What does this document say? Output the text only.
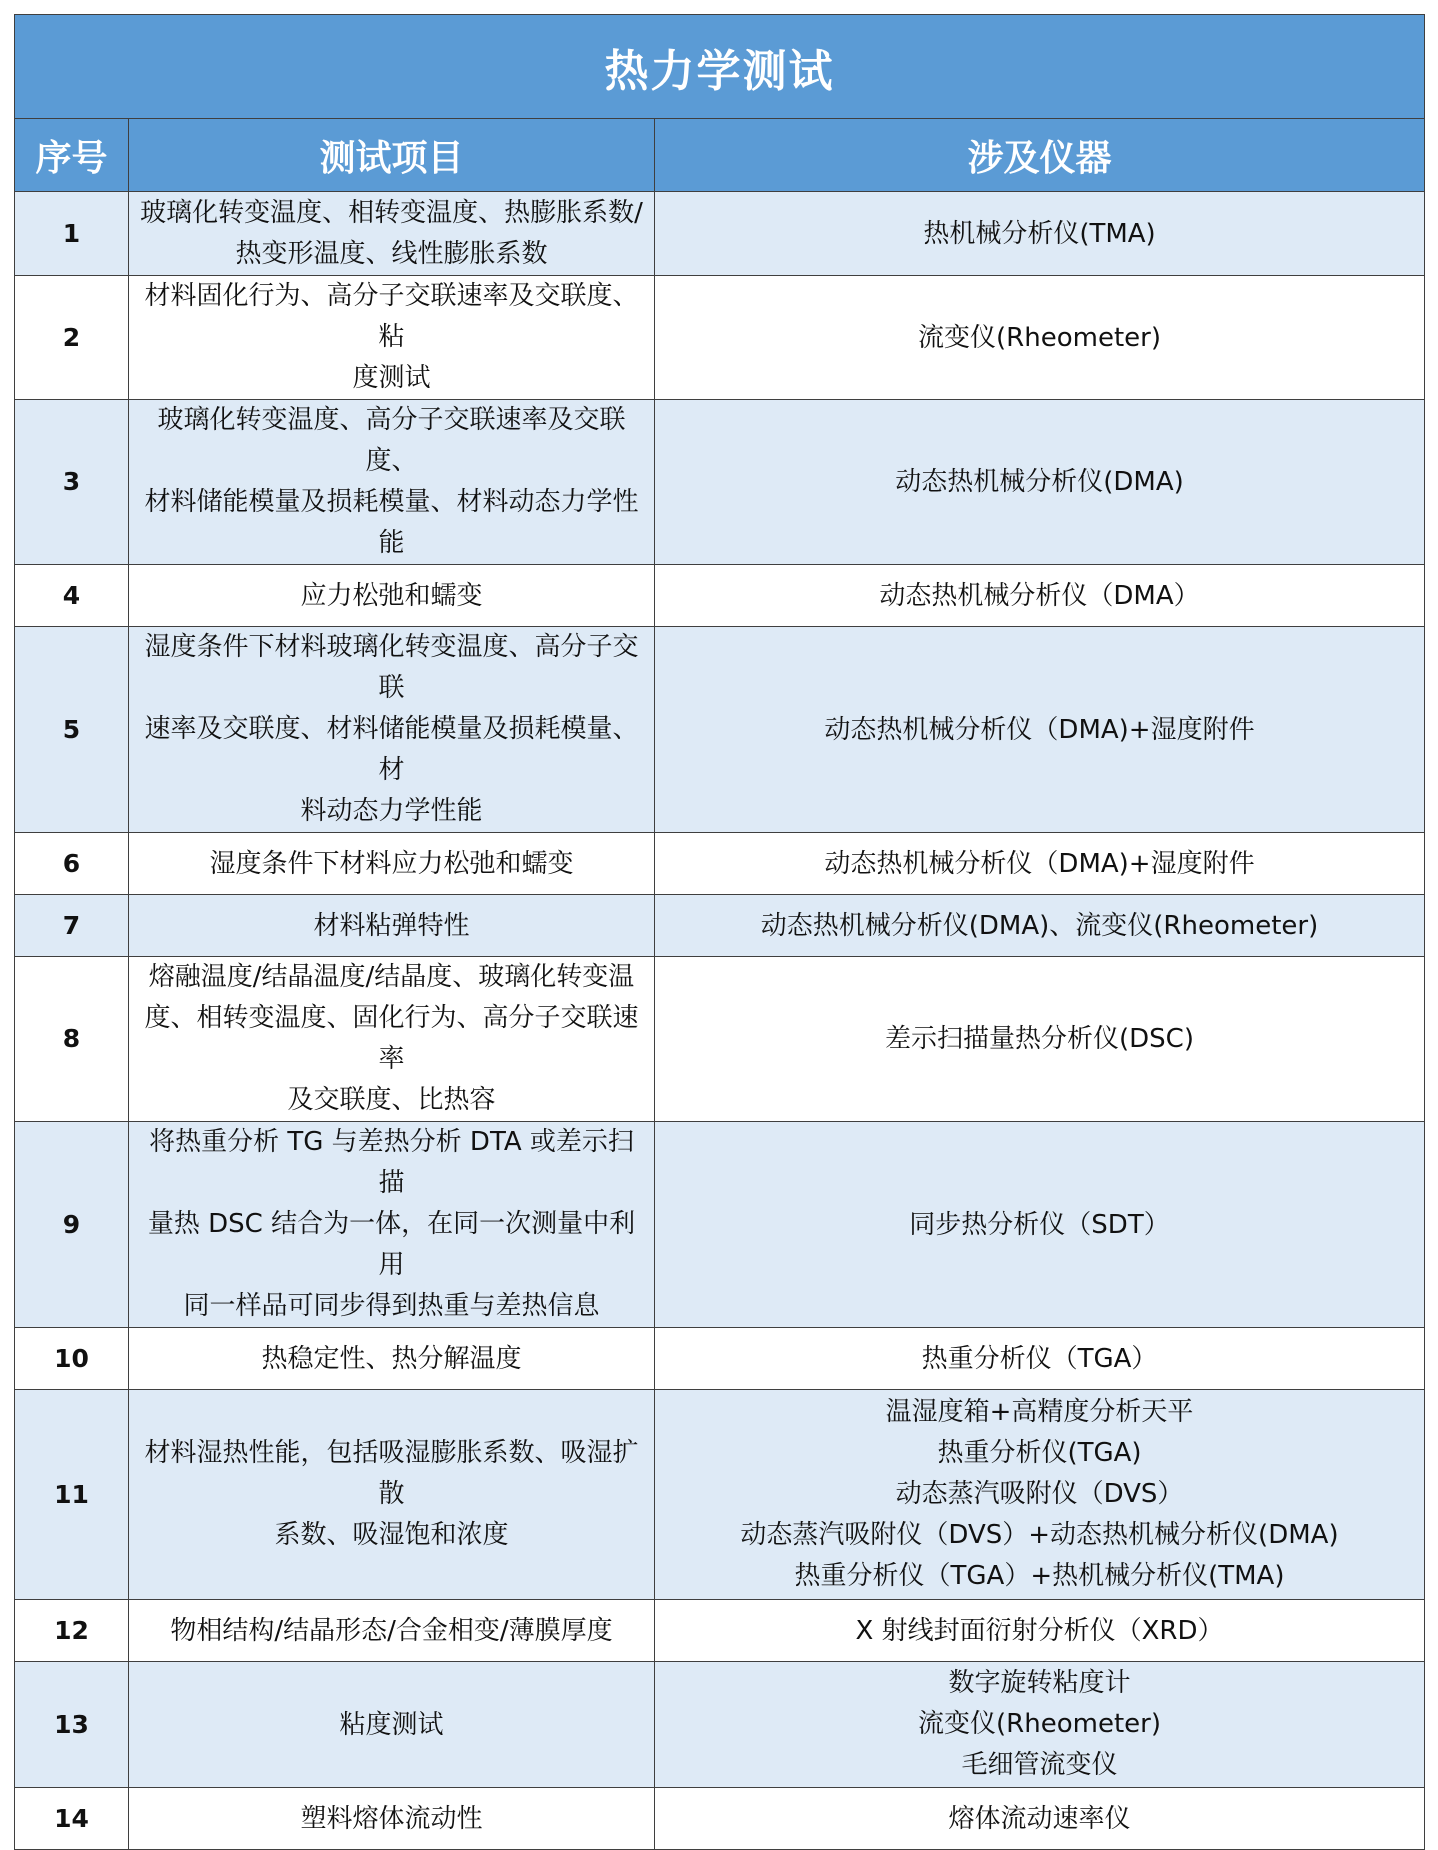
热力学测试		
序号	测试项目	涉及仪器
1	玻璃化转变温度、相转变温度、热膨胀系数/
热变形温度、线性膨胀系数	热机械分析仪(TMA)

2	材料固化行为、高分子交联速率及交联度、粘
度测试	流变仪(Rheometer)

3	玻璃化转变温度、高分子交联速率及交联度、
材料储能模量及损耗模量、材料动态力学性能	动态热机械分析仪(DMA)

4	应力松弛和蠕变	动态热机械分析仪（DMA）

5	湿度条件下材料玻璃化转变温度、高分子交联
速率及交联度、材料储能模量及损耗模量、材
料动态力学性能	动态热机械分析仪（DMA)+湿度附件

6	湿度条件下材料应力松弛和蠕变	动态热机械分析仪（DMA)+湿度附件

7	材料粘弹特性	动态热机械分析仪(DMA)、流变仪(Rheometer)

8	熔融温度/结晶温度/结晶度、玻璃化转变温
度、相转变温度、固化行为、高分子交联速率
及交联度、比热容	差示扫描量热分析仪(DSC)

9	将热重分析 TG 与差热分析 DTA 或差示扫描
量热 DSC 结合为一体，在同一次测量中利用
同一样品可同步得到热重与差热信息	同步热分析仪（SDT）

10	热稳定性、热分解温度	热重分析仪（TGA）

11	材料湿热性能，包括吸湿膨胀系数、吸湿扩散
系数、吸湿饱和浓度	温湿度箱+高精度分析天平
热重分析仪(TGA)
动态蒸汽吸附仪（DVS）
动态蒸汽吸附仪（DVS）+动态热机械分析仪(DMA)
热重分析仪（TGA）+热机械分析仪(TMA)

12	物相结构/结晶形态/合金相变/薄膜厚度	X 射线封面衍射分析仪（XRD）

13	粘度测试	数字旋转粘度计
流变仪(Rheometer)
毛细管流变仪

14	塑料熔体流动性	熔体流动速率仪
